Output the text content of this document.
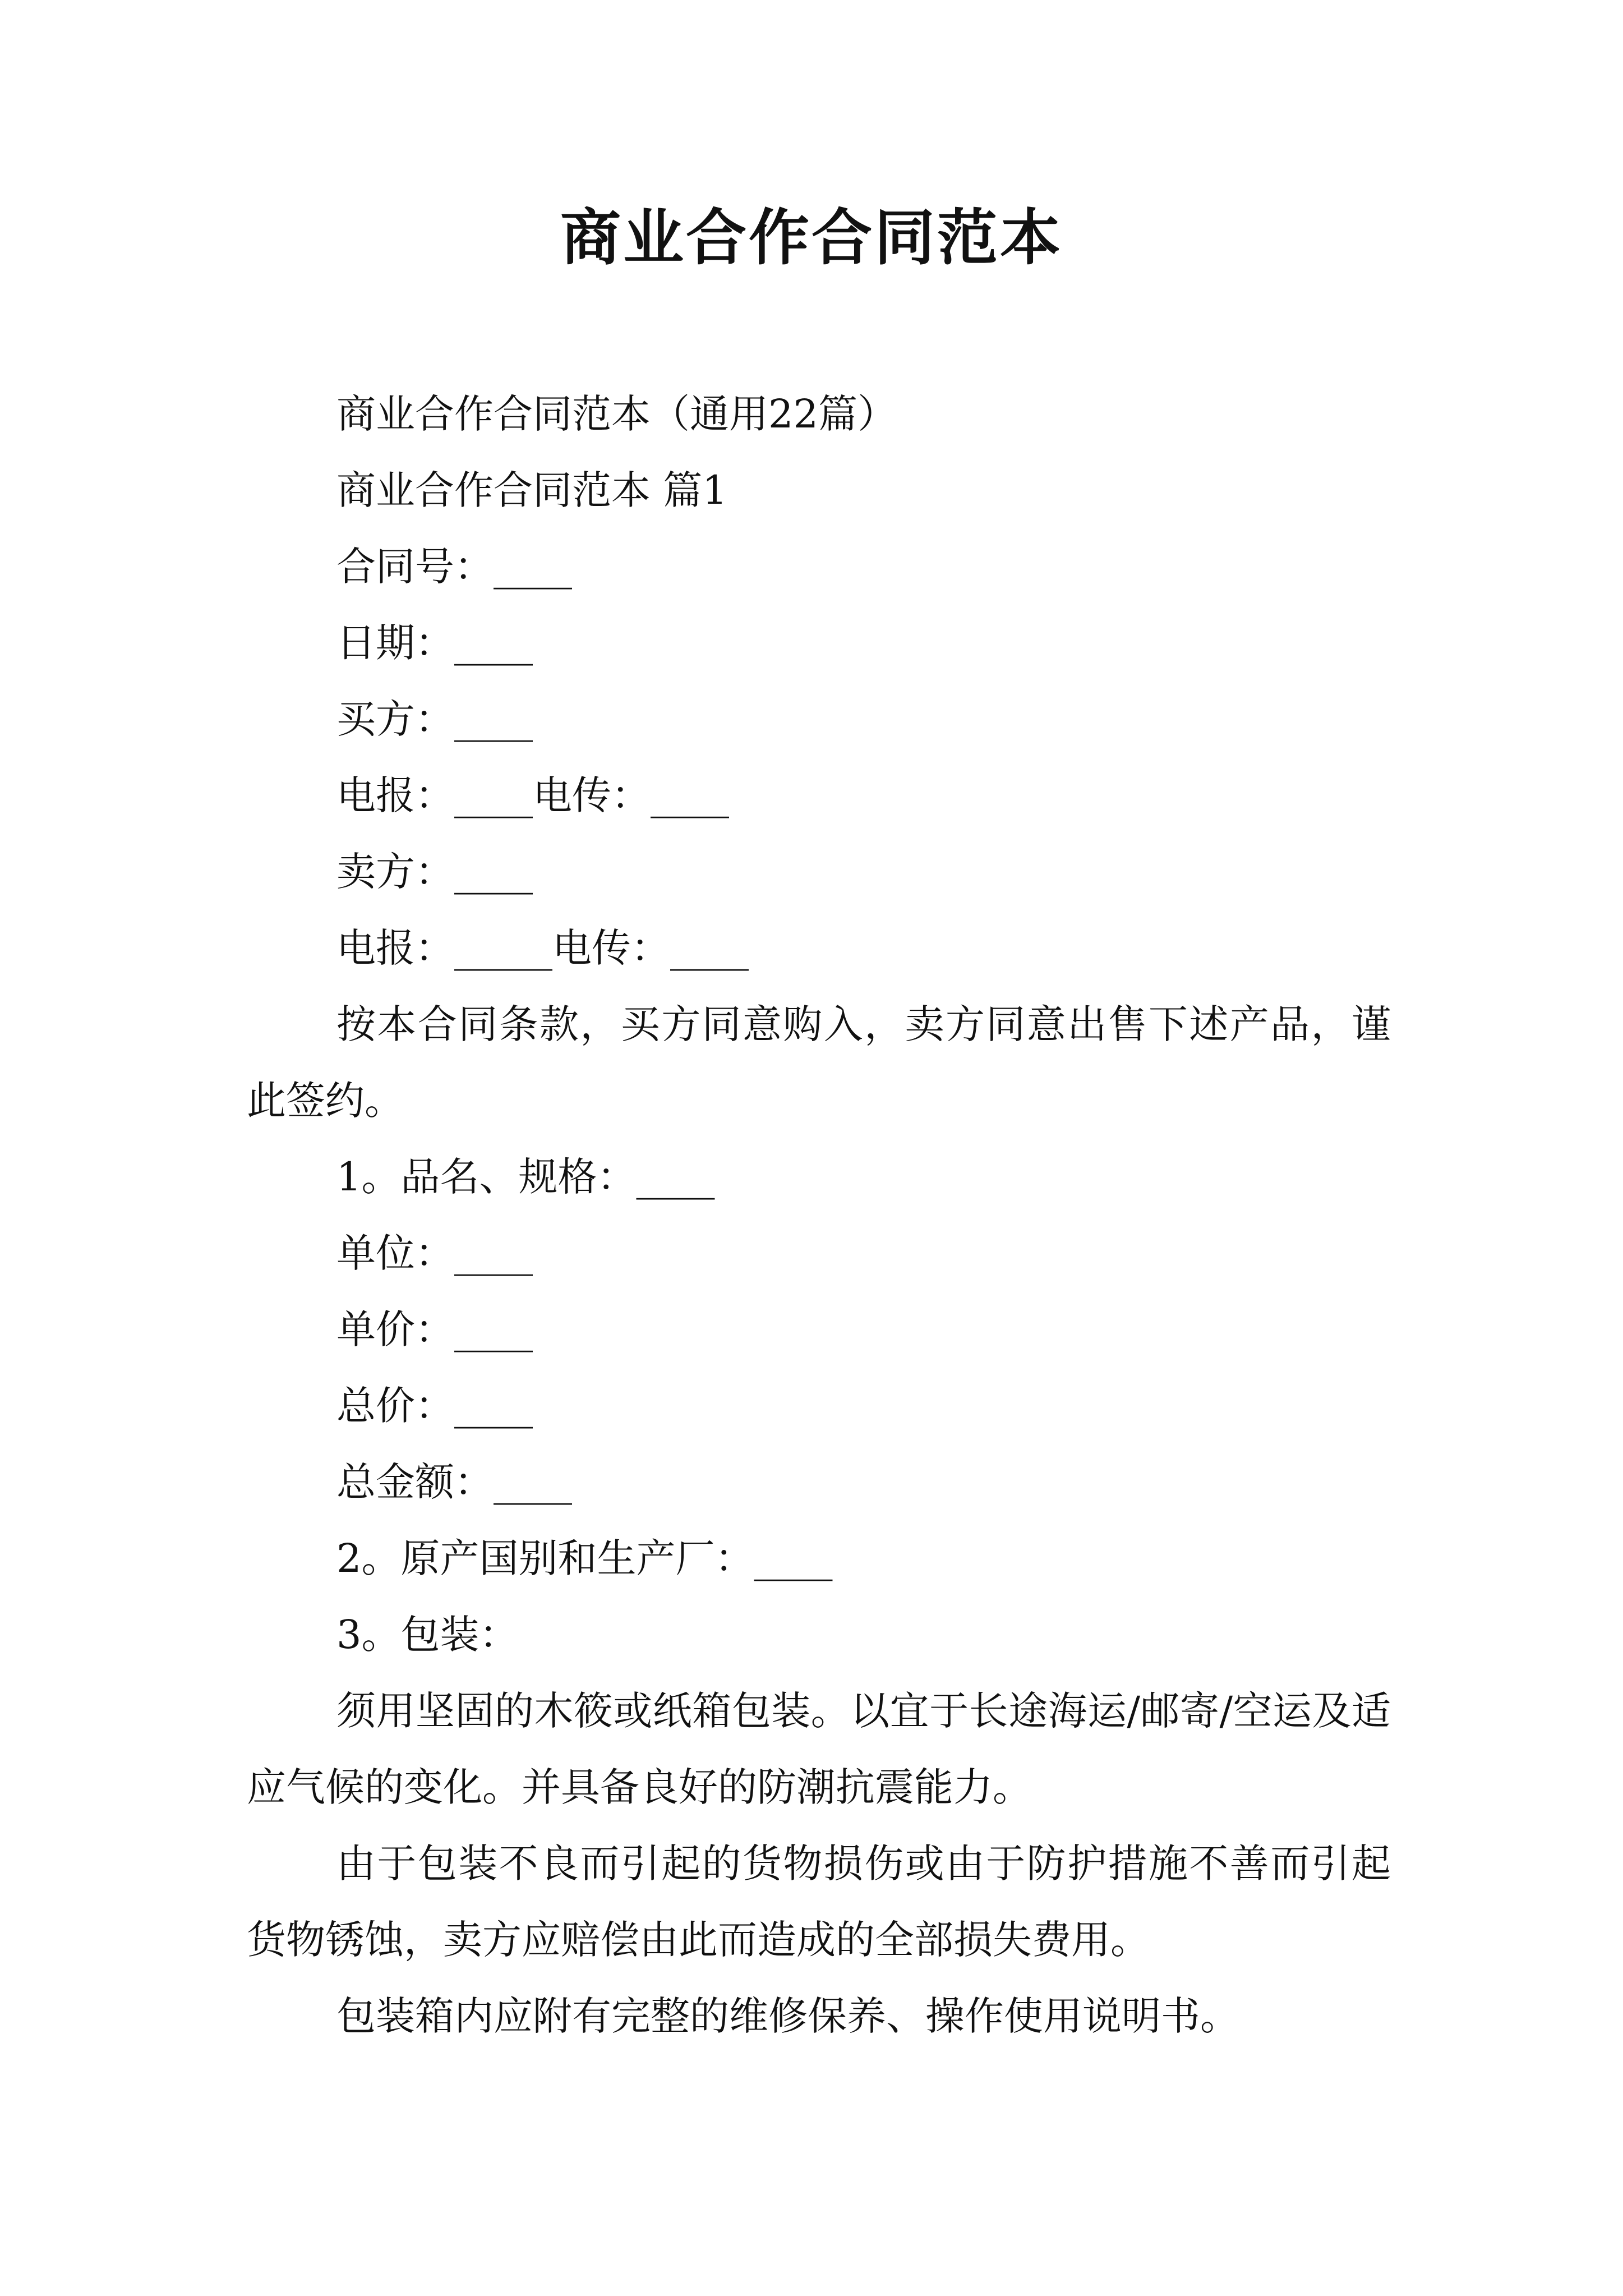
商业合作合同范本

商业合作合同范本（通用22篇）

商业合作合同范本 篇1

合同号：____

日期：____

买方：____

电报：____电传：____

卖方：____

电报：_____电传：____

按本合同条款，买方同意购入，卖方同意出售下述产品，谨此签约。

1。品名、规格：____

单位：____

单价：____

总价：____

总金额：____

2。原产国别和生产厂：____

3。包装：

须用坚固的木筱或纸箱包装。以宜于长途海运/邮寄/空运及适应气候的变化。并具备良好的防潮抗震能力。

由于包装不良而引起的货物损伤或由于防护措施不善而引起货物锈蚀，卖方应赔偿由此而造成的全部损失费用。

包装箱内应附有完整的维修保养、操作使用说明书。
